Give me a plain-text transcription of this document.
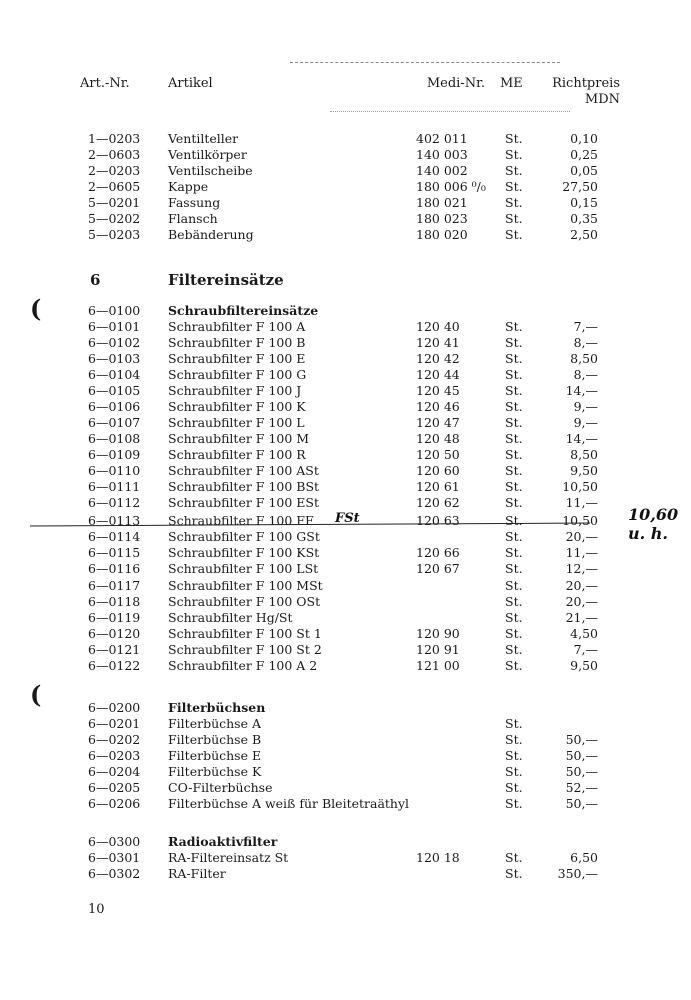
Art.-Nr.	Artikel	Medi-Nr. ME	Richtpreis
MDN
6	Filtereinsätze
1—0203 Ventilteller	402 011	St.	0,10
2—0603 Ventilkörper	140 003	St.	0,25
2—0203 Ventilscheibe	140 002	St.	0,05
2—0605 Kappe	180 006 ⁰/₀ St.	27,50
5—0201 Fassung	180 021	St.	0,15
5—0202 Flansch	180 023	St.	0,35
5—0203 Bebänderung	180 020	St.	2,50
6—0100 Schraubfiltereinsätze
6—0101 Schraubfilter F 100 A	120 40	St.	7,—
6—0102 Schraubfilter F 100 B	120 41	St.	8,—
6—0103 Schraubfilter F 100 E	120 42	St.	8,50
6—0104 Schraubfilter F 100 G	120 44	St.	8,—
6—0105 Schraubfilter F 100 J	120 45	St.	14,—
6—0106 Schraubfilter F 100 K	120 46	St.	9,—
6—0107 Schraubfilter F 100 L	120 47	St.	9,—
6—0108 Schraubfilter F 100 M	120 48	St.	14,—
6—0109 Schraubfilter F 100 R	120 50	St.	8,50
6—0110 Schraubfilter F 100 ASt	120 60	St.	9,50
6—0111 Schraubfilter F 100 BSt	120 61	St.	10,50
6—0112 Schraubfilter F 100 ESt	120 62	St.	11,—
6—0113 Schraubfilter F 100 FF	120 63	St.	10,50
6—0114 Schraubfilter F 100 GSt	St.	20,—
6—0115 Schraubfilter F 100 KSt	120 66	St.	11,—
6—0116 Schraubfilter F 100 LSt	120 67	St.	12,—
6—0117 Schraubfilter F 100 MSt	St.	20,—
6—0118 Schraubfilter F 100 OSt	St.	20,—
6—0119 Schraubfilter Hg/St	St.	21,—
6—0120 Schraubfilter F 100 St 1	120 90	St.	4,50
6—0121 Schraubfilter F 100 St 2	120 91	St.	7,—
6—0122 Schraubfilter F 100 A 2	121 00	St.	9,50
6—0200 Filterbüchsen
6—0201 Filterbüchse A	St.
6—0202 Filterbüchse B	St.	50,—
6—0203 Filterbüchse E	St.	50,—
6—0204 Filterbüchse K	St.	50,—
6—0205 CO-Filterbüchse	St.	52,—
6—0206 Filterbüchse A weiß für Bleitetraäthyl	St.	50,—
6—0300 Radioaktivfilter
6—0301 RA-Filtereinsatz St	120 18	St.	6,50
6—0302 RA-Filter	St.	350,—
FSt	10,60 u. h.
(
(
10
